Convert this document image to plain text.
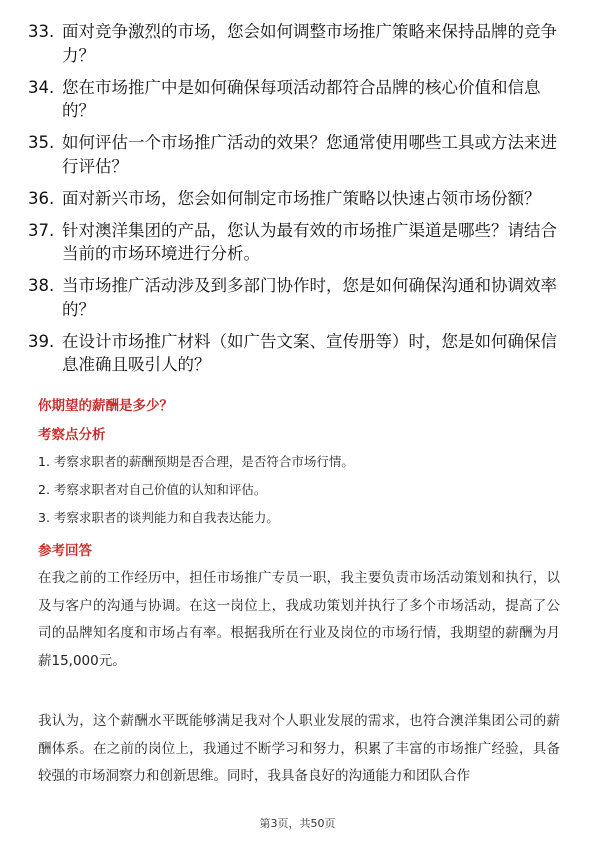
33. 面对竞争激烈的市场，您会如何调整市场推广策略来保持品牌的竞争力？
34. 您在市场推广中是如何确保每项活动都符合品牌的核心价值和信息的？
35. 如何评估一个市场推广活动的效果？您通常使用哪些工具或方法来进行评估？
36. 面对新兴市场，您会如何制定市场推广策略以快速占领市场份额？
37. 针对澳洋集团的产品，您认为最有效的市场推广渠道是哪些？请结合当前的市场环境进行分析。
38. 当市场推广活动涉及到多部门协作时，您是如何确保沟通和协调效率的？
39. 在设计市场推广材料（如广告文案、宣传册等）时，您是如何确保信息准确且吸引人的？
你期望的薪酬是多少？
考察点分析
1. 考察求职者的薪酬预期是否合理，是否符合市场行情。
2. 考察求职者对自己价值的认知和评估。
3. 考察求职者的谈判能力和自我表达能力。
参考回答
在我之前的工作经历中，担任市场推广专员一职，我主要负责市场活动策划和执行，以及与客户的沟通与协调。在这一岗位上，我成功策划并执行了多个市场活动，提高了公司的品牌知名度和市场占有率。根据我所在行业及岗位的市场行情，我期望的薪酬为月薪15,000元。
我认为，这个薪酬水平既能够满足我对个人职业发展的需求，也符合澳洋集团公司的薪酬体系。在之前的岗位上，我通过不断学习和努力，积累了丰富的市场推广经验，具备较强的市场洞察力和创新思维。同时，我具备良好的沟通能力和团队合作
第3页，共50页
